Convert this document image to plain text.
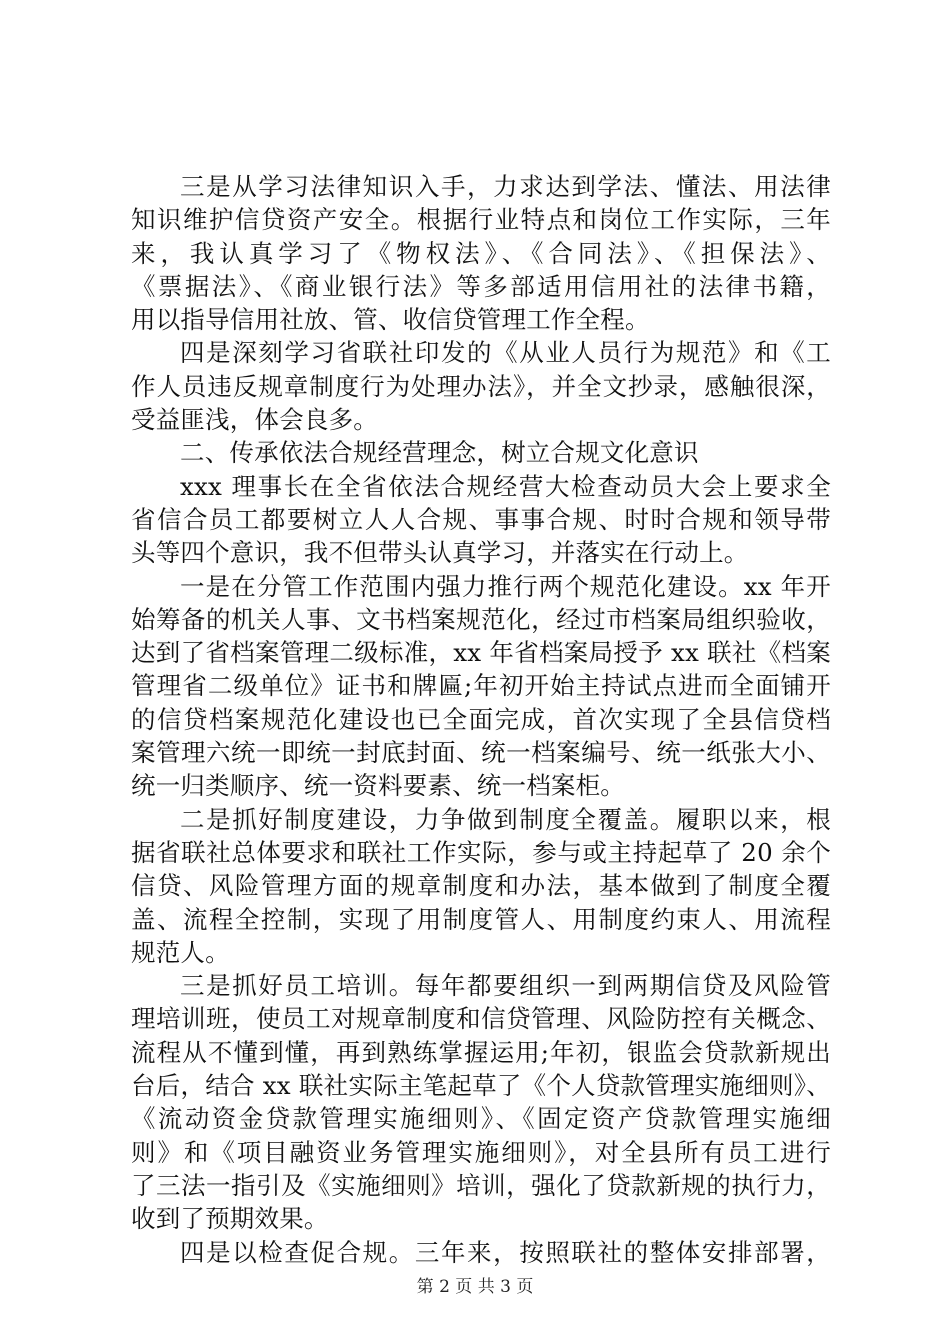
三是从学习法律知识入手，力求达到学法、懂法、用法律
知识维护信贷资产安全。根据行业特点和岗位工作实际，三年
来，我认真学习了《物权法》、《合同法》、《担保法》、
《票据法》、《商业银行法》等多部适用信用社的法律书籍，
用以指导信用社放、管、收信贷管理工作全程。
四是深刻学习省联社印发的《从业人员行为规范》和《工
作人员违反规章制度行为处理办法》，并全文抄录，感触很深，
受益匪浅，体会良多。
二、传承依法合规经营理念，树立合规文化意识
xxx 理事长在全省依法合规经营大检查动员大会上要求全
省信合员工都要树立人人合规、事事合规、时时合规和领导带
头等四个意识，我不但带头认真学习，并落实在行动上。
一是在分管工作范围内强力推行两个规范化建设。xx 年开
始筹备的机关人事、文书档案规范化，经过市档案局组织验收，
达到了省档案管理二级标准，xx 年省档案局授予 xx 联社《档案
管理省二级单位》证书和牌匾;年初开始主持试点进而全面铺开
的信贷档案规范化建设也已全面完成，首次实现了全县信贷档
案管理六统一即统一封底封面、统一档案编号、统一纸张大小、
统一归类顺序、统一资料要素、统一档案柜。
二是抓好制度建设，力争做到制度全覆盖。履职以来，根
据省联社总体要求和联社工作实际，参与或主持起草了 20 余个
信贷、风险管理方面的规章制度和办法，基本做到了制度全覆
盖、流程全控制，实现了用制度管人、用制度约束人、用流程
规范人。
三是抓好员工培训。每年都要组织一到两期信贷及风险管
理培训班，使员工对规章制度和信贷管理、风险防控有关概念、
流程从不懂到懂，再到熟练掌握运用;年初，银监会贷款新规出
台后，结合 xx 联社实际主笔起草了《个人贷款管理实施细则》、
《流动资金贷款管理实施细则》、《固定资产贷款管理实施细
则》和《项目融资业务管理实施细则》，对全县所有员工进行
了三法一指引及《实施细则》培训，强化了贷款新规的执行力，
收到了预期效果。
四是以检查促合规。三年来，按照联社的整体安排部署，
第 2 页 共 3 页
